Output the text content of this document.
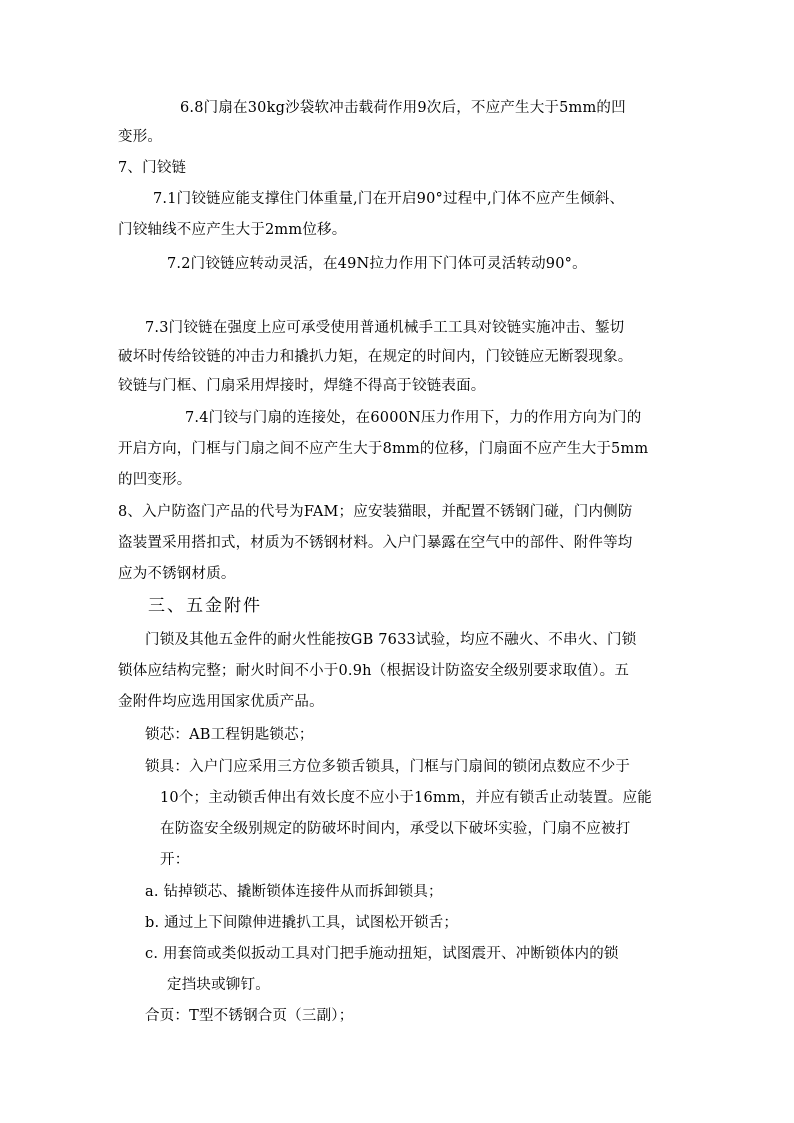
6.8门扇在30kg沙袋软冲击载荷作用9次后，不应产生大于5mm的凹
变形。
7、门铰链
7.1门铰链应能支撑住门体重量,门在开启90°过程中,门体不应产生倾斜、
门铰轴线不应产生大于2mm位移。
7.2门铰链应转动灵活，在49N拉力作用下门体可灵活转动90°。
7.3门铰链在强度上应可承受使用普通机械手工工具对铰链实施冲击、錾切
破坏时传给铰链的冲击力和撬扒力矩，在规定的时间内，门铰链应无断裂现象。
铰链与门框、门扇采用焊接时，焊缝不得高于铰链表面。
7.4门铰与门扇的连接处，在6000N压力作用下，力的作用方向为门的
开启方向，门框与门扇之间不应产生大于8mm的位移，门扇面不应产生大于5mm
的凹变形。
8、入户防盗门产品的代号为FAM；应安装猫眼，并配置不锈钢门碰，门内侧防
盗装置采用搭扣式，材质为不锈钢材料。入户门暴露在空气中的部件、附件等均
应为不锈钢材质。
三、五金附件
门锁及其他五金件的耐火性能按GB 7633试验，均应不融火、不串火、门锁
锁体应结构完整；耐火时间不小于0.9h（根据设计防盗安全级别要求取值）。五
金附件均应选用国家优质产品。
锁芯：AB工程钥匙锁芯；
锁具：入户门应采用三方位多锁舌锁具，门框与门扇间的锁闭点数应不少于
10个；主动锁舌伸出有效长度不应小于16mm，并应有锁舌止动装置。应能
在防盗安全级别规定的防破坏时间内，承受以下破坏实验，门扇不应被打
开：
a. 钻掉锁芯、撬断锁体连接件从而拆卸锁具；
b. 通过上下间隙伸进撬扒工具，试图松开锁舌；
c. 用套筒或类似扳动工具对门把手施动扭矩，试图震开、冲断锁体内的锁
定挡块或铆钉。
合页：T型不锈钢合页（三副）；
